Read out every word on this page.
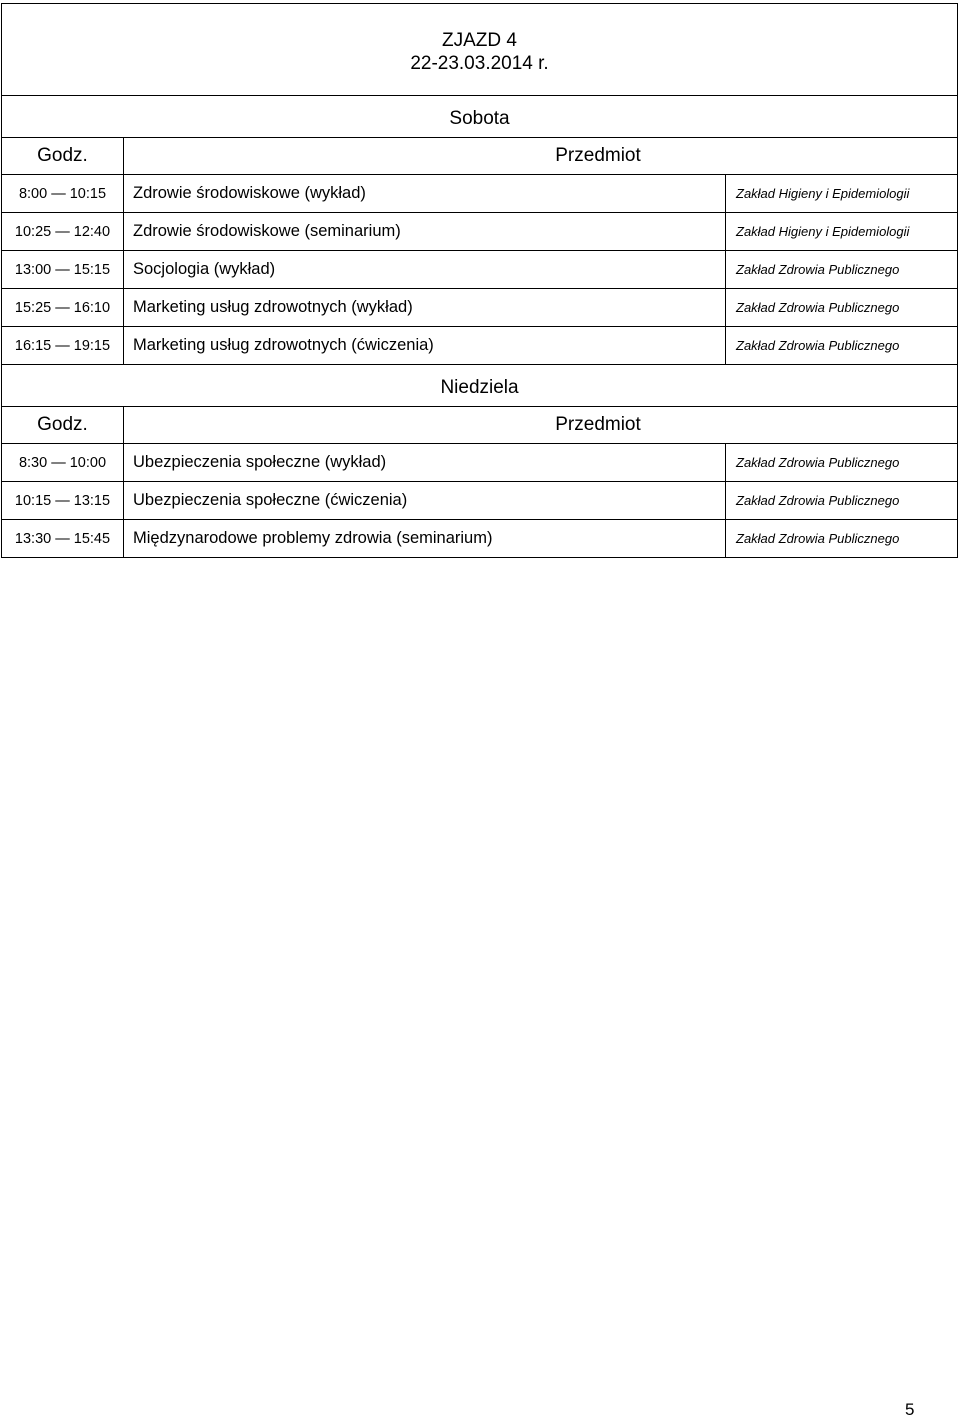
ZJAZD 4
22-23.03.2014 r.		

Sobota		
Godz.	Przedmiot	
8:00 — 10:15	Zdrowie środowiskowe (wykład)	Zakład Higieny i Epidemiologii
10:25 — 12:40	Zdrowie środowiskowe (seminarium)	Zakład Higieny i Epidemiologii
13:00 — 15:15	Socjologia (wykład)	Zakład Zdrowia Publicznego
15:25 — 16:10	Marketing usług zdrowotnych (wykład)	Zakład Zdrowia Publicznego
16:15 — 19:15	Marketing usług zdrowotnych (ćwiczenia)	Zakład Zdrowia Publicznego
Niedziela		
Godz.	Przedmiot	
8:30 — 10:00	Ubezpieczenia społeczne (wykład)	Zakład Zdrowia Publicznego
10:15 — 13:15	Ubezpieczenia społeczne (ćwiczenia)	Zakład Zdrowia Publicznego
13:30 — 15:45	Międzynarodowe problemy zdrowia (seminarium)	Zakład Zdrowia Publicznego
5
